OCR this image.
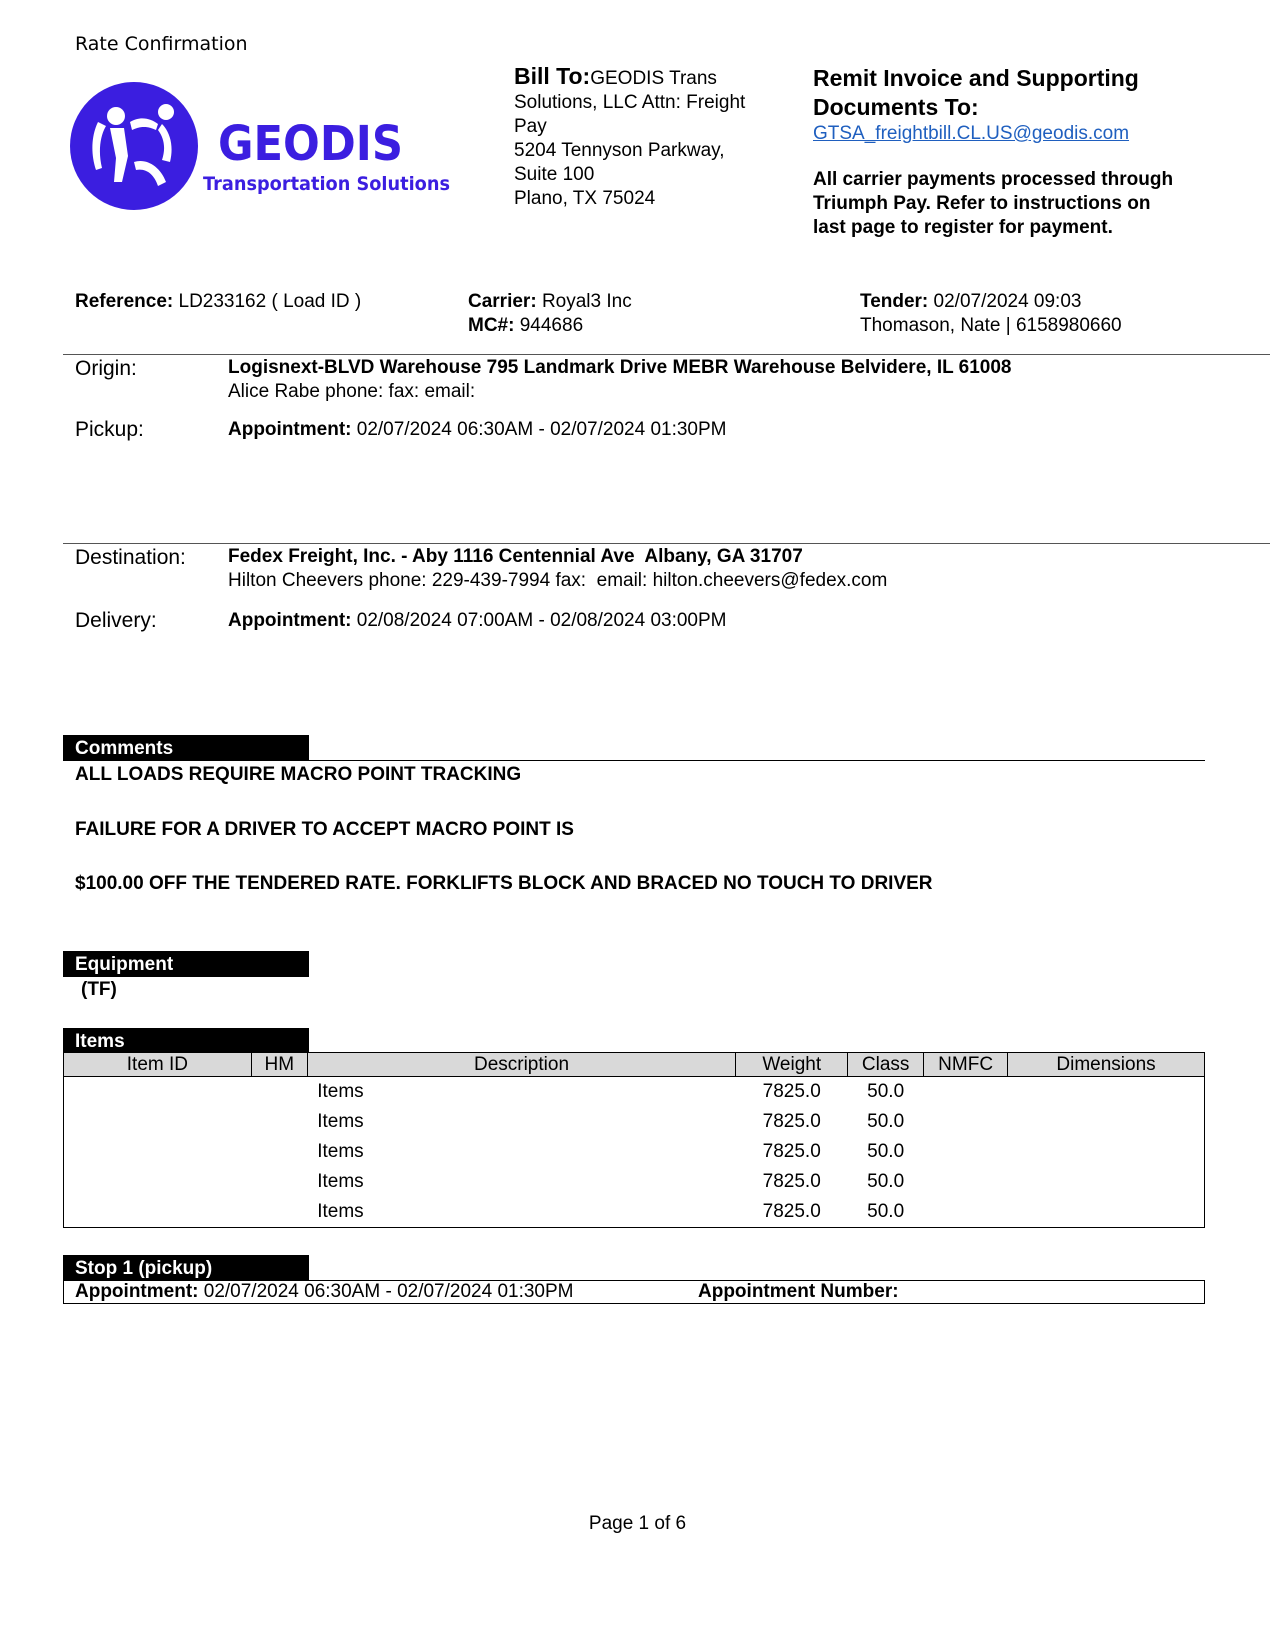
Rate Confirmation
GEODIS
Transportation Solutions
Bill To:GEODIS Trans
Solutions, LLC Attn: Freight
Pay
5204 Tennyson Parkway,
Suite 100
Plano, TX 75024
Remit Invoice and Supporting
Documents To:
GTSA_freightbill.CL.US@geodis.com
All carrier payments processed through
Triumph Pay. Refer to instructions on
last page to register for payment.
Reference: LD233162 ( Load ID )	Carrier: Royal3 Inc
MC#: 944686
Tender: 02/07/2024 09:03
Thomason, Nate | 6158980660
Origin:	Logisnext-BLVD Warehouse 795 Landmark Drive MEBR Warehouse Belvidere, IL 61008
Alice Rabe phone: fax: email:
Pickup:	Appointment: 02/07/2024 06:30AM - 02/07/2024 01:30PM
Destination: Fedex Freight, Inc. - Aby 1116 Centennial Ave  Albany, GA 31707
Hilton Cheevers phone: 229-439-7994 fax:  email: hilton.cheevers@fedex.com
Delivery:	Appointment: 02/08/2024 07:00AM - 02/08/2024 03:00PM
Comments
ALL LOADS REQUIRE MACRO POINT TRACKING
FAILURE FOR A DRIVER TO ACCEPT MACRO POINT IS
$100.00 OFF THE TENDERED RATE. FORKLIFTS BLOCK AND BRACED NO TOUCH TO DRIVER
Equipment
(TF)
Items
Item ID	HM	Description	Weight	Class	NMFC	Dimensions
		Items	7825.0	50.0		
		Items	7825.0	50.0		
		Items	7825.0	50.0		
		Items	7825.0	50.0		
		Items	7825.0	50.0		
Stop 1 (pickup)
Appointment: 02/07/2024 06:30AM - 02/07/2024 01:30PM	Appointment Number:
Page 1 of 6
